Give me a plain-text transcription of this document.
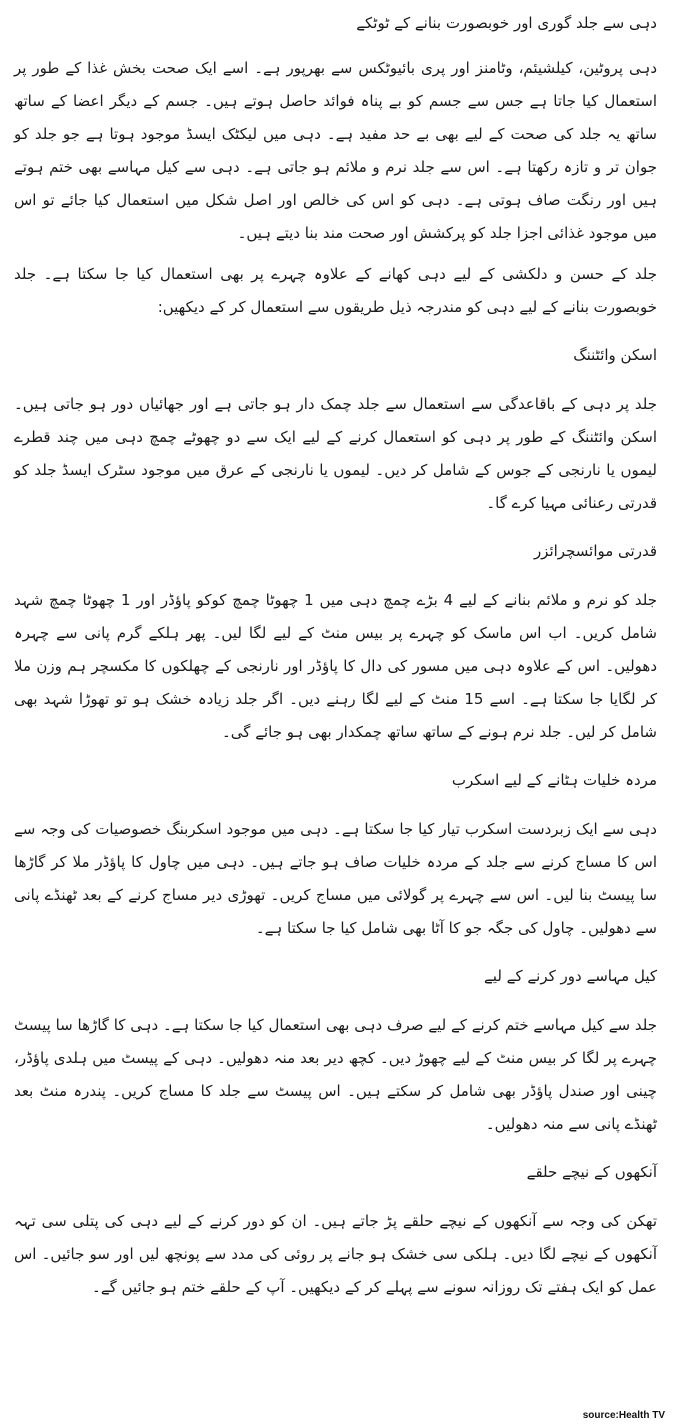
دہی سے جلد گوری اور خوبصورت بنانے کے ٹوٹکے

دہی پروٹین، کیلشیئم، وٹامنز اور پری بائیوٹکس سے بھرپور ہے۔ اسے ایک صحت بخش غذا کے طور پر استعمال کیا جاتا ہے جس سے جسم کو بے پناہ فوائد حاصل ہوتے ہیں۔ جسم کے دیگر اعضا کے ساتھ ساتھ یہ جلد کی صحت کے لیے بھی بے حد مفید ہے۔ دہی میں لیکٹک ایسڈ موجود ہوتا ہے جو جلد کو جوان تر و تازہ رکھتا ہے۔ اس سے جلد نرم و ملائم ہو جاتی ہے۔ دہی سے کیل مہاسے بھی ختم ہوتے ہیں اور رنگت صاف ہوتی ہے۔ دہی کو اس کی خالص اور اصل شکل میں استعمال کیا جائے تو اس میں موجود غذائی اجزا جلد کو پرکشش اور صحت مند بنا دیتے ہیں۔

جلد کے حسن و دلکشی کے لیے دہی کھانے کے علاوہ چہرے پر بھی استعمال کیا جا سکتا ہے۔ جلد خوبصورت بنانے کے لیے دہی کو مندرجہ ذیل طریقوں سے استعمال کر کے دیکھیں:

اسکن وائٹننگ

جلد پر دہی کے باقاعدگی سے استعمال سے جلد چمک دار ہو جاتی ہے اور جھائیاں دور ہو جاتی ہیں۔ اسکن وائٹننگ کے طور پر دہی کو استعمال کرنے کے لیے ایک سے دو چھوٹے چمچ دہی میں چند قطرے لیموں یا نارنجی کے جوس کے شامل کر دیں۔ لیموں یا نارنجی کے عرق میں موجود سٹرک ایسڈ جلد کو قدرتی رعنائی مہیا کرے گا۔

قدرتی موائسچرائزر

جلد کو نرم و ملائم بنانے کے لیے 4 بڑے چمچ دہی میں 1 چھوٹا چمچ کوکو پاؤڈر اور 1 چھوٹا چمچ شہد شامل کریں۔ اب اس ماسک کو چہرے پر بیس منٹ کے لیے لگا لیں۔ پھر ہلکے گرم پانی سے چہرہ دھولیں۔ اس کے علاوہ دہی میں مسور کی دال کا پاؤڈر اور نارنجی کے چھلکوں کا مکسچر ہم وزن ملا کر لگایا جا سکتا ہے۔ اسے 15 منٹ کے لیے لگا رہنے دیں۔ اگر جلد زیادہ خشک ہو تو تھوڑا شہد بھی شامل کر لیں۔ جلد نرم ہونے کے ساتھ ساتھ چمکدار بھی ہو جائے گی۔

مردہ خلیات ہٹانے کے لیے اسکرب

دہی سے ایک زبردست اسکرب تیار کیا جا سکتا ہے۔ دہی میں موجود اسکربنگ خصوصیات کی وجہ سے اس کا مساج کرنے سے جلد کے مردہ خلیات صاف ہو جاتے ہیں۔ دہی میں چاول کا پاؤڈر ملا کر گاڑھا سا پیسٹ بنا لیں۔ اس سے چہرے پر گولائی میں مساج کریں۔ تھوڑی دیر مساج کرنے کے بعد ٹھنڈے پانی سے دھولیں۔ چاول کی جگہ جو کا آٹا بھی شامل کیا جا سکتا ہے۔

کیل مہاسے دور کرنے کے لیے

جلد سے کیل مہاسے ختم کرنے کے لیے صرف دہی بھی استعمال کیا جا سکتا ہے۔ دہی کا گاڑھا سا پیسٹ چہرے پر لگا کر بیس منٹ کے لیے چھوڑ دیں۔ کچھ دیر بعد منہ دھولیں۔ دہی کے پیسٹ میں ہلدی پاؤڈر، چینی اور صندل پاؤڈر بھی شامل کر سکتے ہیں۔ اس پیسٹ سے جلد کا مساج کریں۔ پندرہ منٹ بعد ٹھنڈے پانی سے منہ دھولیں۔

آنکھوں کے نیچے حلقے

تھکن کی وجہ سے آنکھوں کے نیچے حلقے پڑ جاتے ہیں۔ ان کو دور کرنے کے لیے دہی کی پتلی سی تہہ آنکھوں کے نیچے لگا دیں۔ ہلکی سی خشک ہو جانے پر روئی کی مدد سے پونچھ لیں اور سو جائیں۔ اس عمل کو ایک ہفتے تک روزانہ سونے سے پہلے کر کے دیکھیں۔ آپ کے حلقے ختم ہو جائیں گے۔

source:Health TV
